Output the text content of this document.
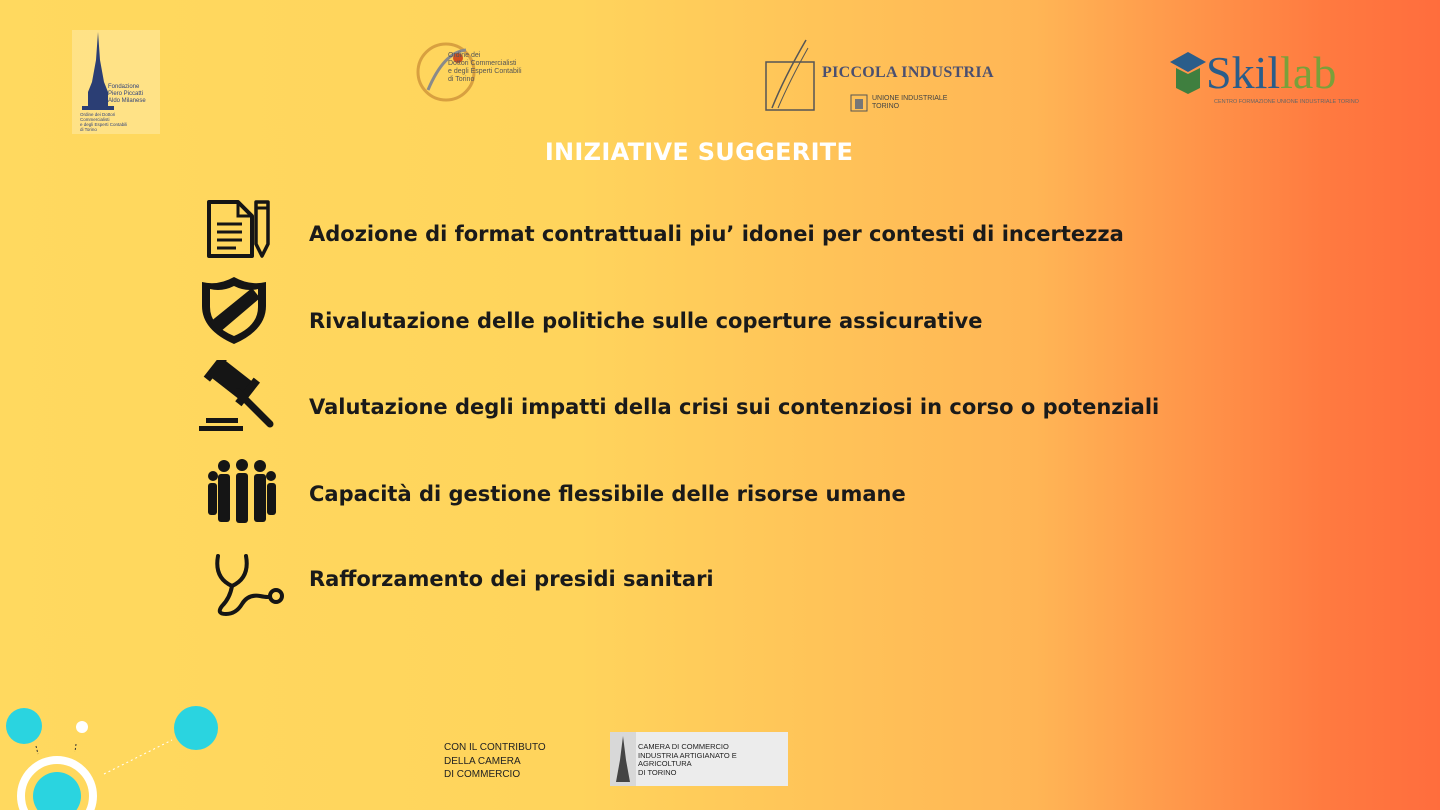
Fondazione
Piero Piccatti
Aldo Milanese
Ordine dei Dottori
Commercialisti
e degli Esperti Contabili
di Torino
Ordine dei
Dottori Commercialisti
e degli Esperti Contabili
di Torino	PICCOLA INDUSTRIA
UNIONE INDUSTRIALE
TORINO
Skillab
CENTRO FORMAZIONE UNIONE INDUSTRIALE TORINO
INIZIATIVE SUGGERITE
Adozione di format contrattuali piu’ idonei per contesti di incertezza
Rivalutazione delle politiche sulle coperture assicurative
Valutazione degli impatti della crisi sui contenziosi in corso o potenziali
Capacità di gestione flessibile delle risorse umane
Rafforzamento dei presidi sanitari
CON IL CONTRIBUTO
DELLA CAMERA
DI COMMERCIO
CAMERA DI COMMERCIO
INDUSTRIA ARTIGIANATO E AGRICOLTURA
DI TORINO
